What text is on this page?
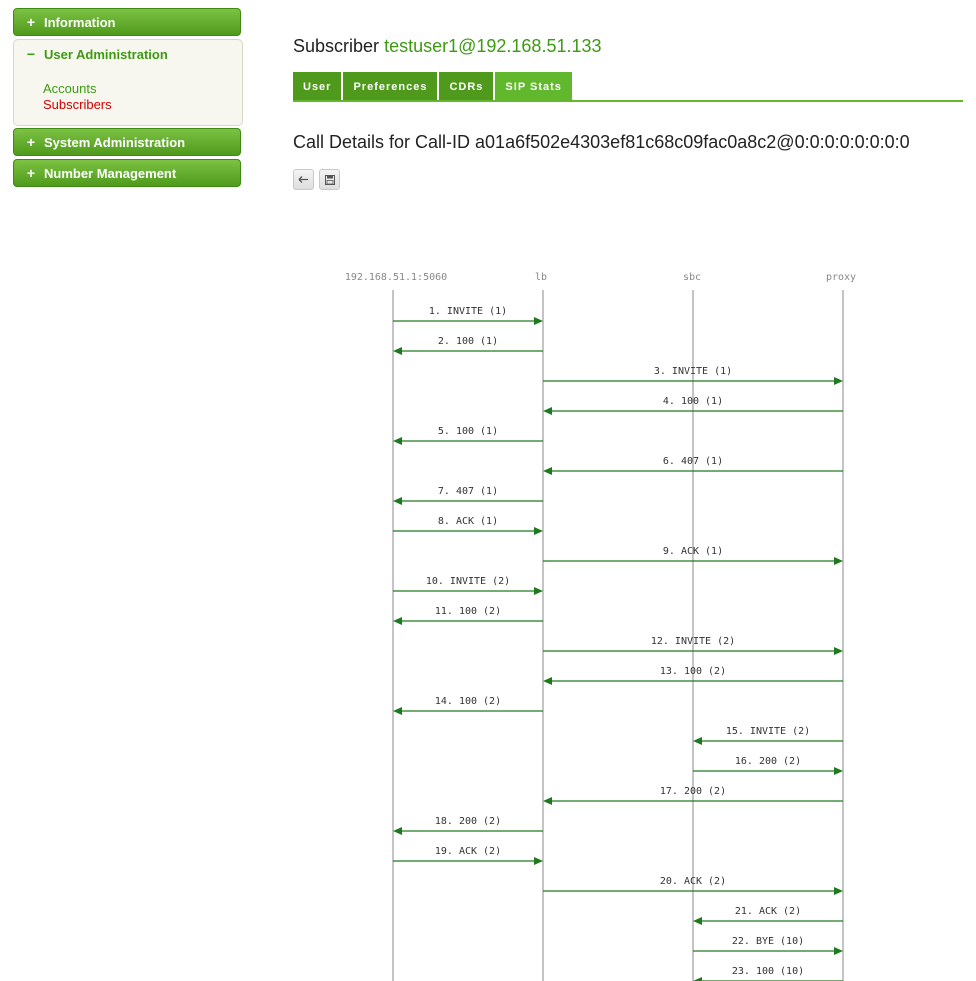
+ Information
− User Administration
Accounts
Subscribers
+ System Administration
+ Number Management
Subscriber testuser1@192.168.51.133
User	Preferences	CDRs	SIP Stats
Call Details for Call-ID a01a6f502e4303ef81c68c09fac0a8c2@0:0:0:0:0:0:0:0
192.168.51.1:5060	lb	sbc	proxy
1. INVITE (1)
2. 100 (1)
3. INVITE (1)
4. 100 (1)
5. 100 (1)
6. 407 (1)
7. 407 (1)
8. ACK (1)
9. ACK (1)
10. INVITE (2)
11. 100 (2)
12. INVITE (2)
13. 100 (2)
14. 100 (2)
15. INVITE (2)
16. 200 (2)
17. 200 (2)
18. 200 (2)
19. ACK (2)
20. ACK (2)
21. ACK (2)
22. BYE (10)
23. 100 (10)
